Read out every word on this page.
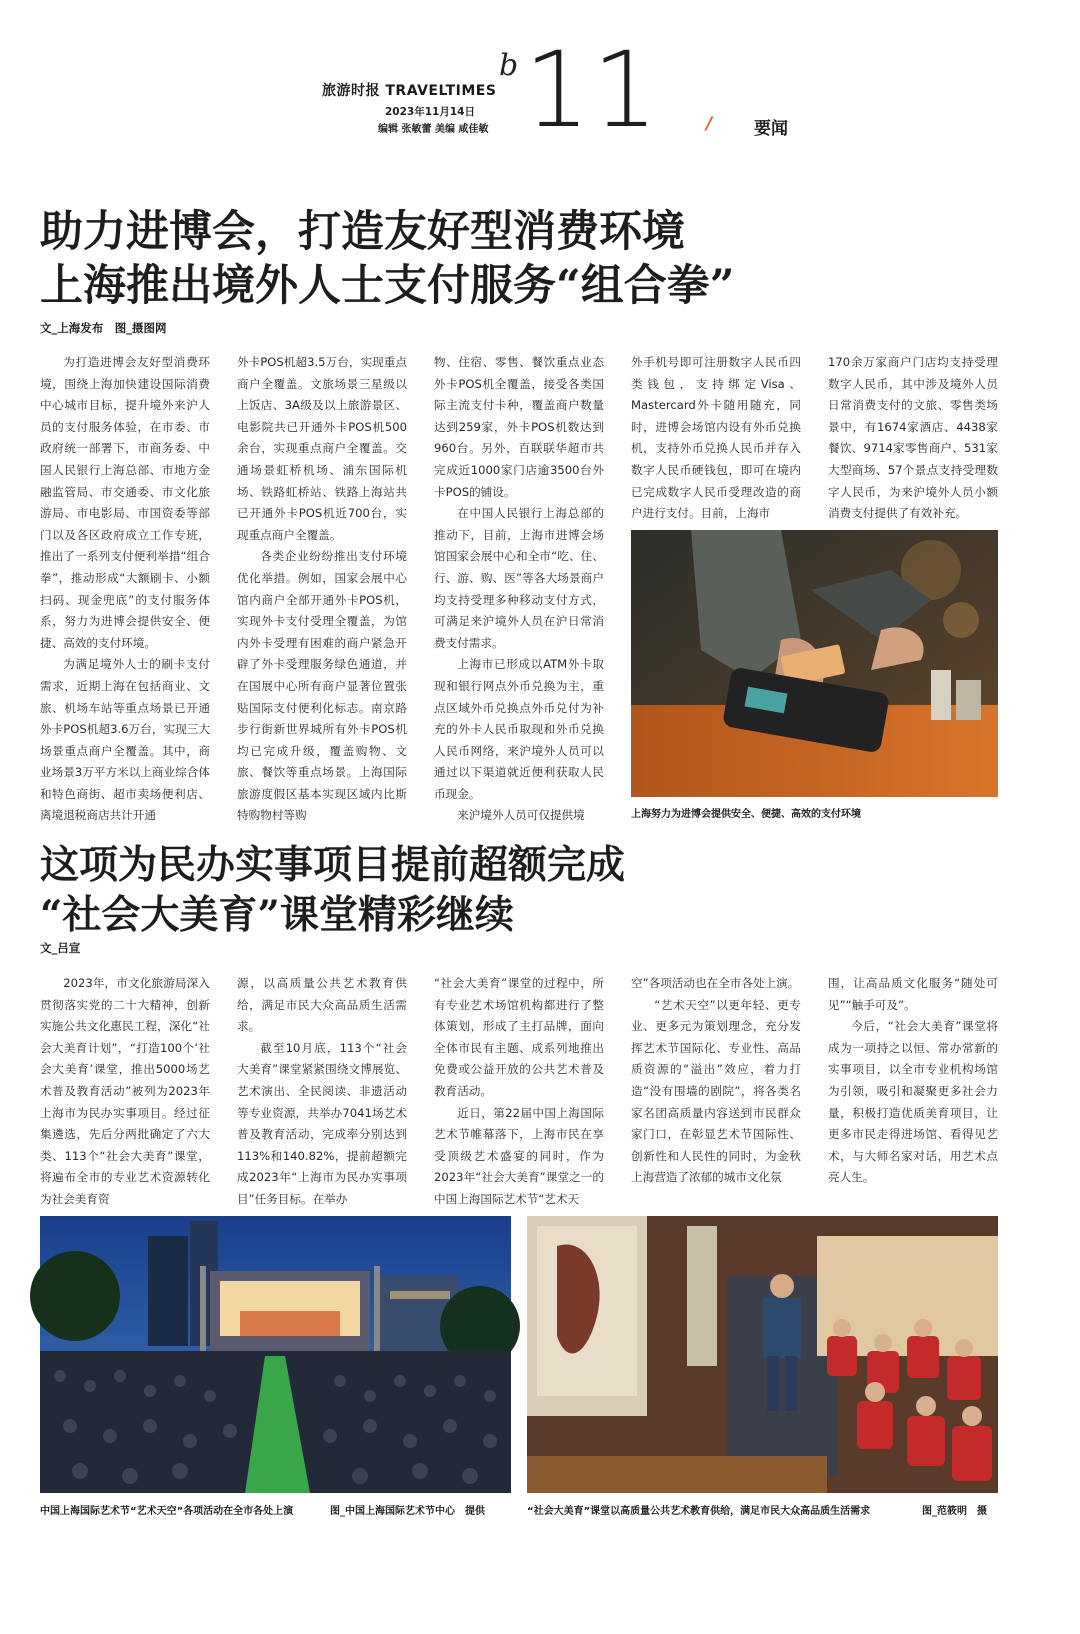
旅游时报 TRAVELTIMES
2023年11月14日
编辑 张敏蕾 美编 咸佳敏
b 11	/ 要闻
助力进博会，打造友好型消费环境
上海推出境外人士支付服务“组合拳”
文_上海发布　图_摄图网

为打造进博会友好型消费环境，围绕上海加快建设国际消费中心城市目标，提升境外来沪人员的支付服务体验，在市委、市政府统一部署下，市商务委、中国人民银行上海总部、市地方金融监管局、市交通委、市文化旅游局、市电影局、市国资委等部门以及各区政府成立工作专班，推出了一系列支付便利举措“组合拳”，推动形成“大额刷卡、小额扫码、现金兜底”的支付服务体系，努力为进博会提供安全、便捷、高效的支付环境。

为满足境外人士的刷卡支付需求，近期上海在包括商业、文旅、机场车站等重点场景已开通外卡POS机超3.6万台，实现三大场景重点商户全覆盖。其中，商业场景3万平方米以上商业综合体和特色商街、超市卖场便利店、离境退税商店共计开通

外卡POS机超3.5万台，实现重点商户全覆盖。文旅场景三星级以上饭店、3A级及以上旅游景区、电影院共已开通外卡POS机500余台，实现重点商户全覆盖。交通场景虹桥机场、浦东国际机场、铁路虹桥站、铁路上海站共已开通外卡POS机近700台，实现重点商户全覆盖。

各类企业纷纷推出支付环境优化举措。例如，国家会展中心馆内商户全部开通外卡POS机，实现外卡支付受理全覆盖，为馆内外卡受理有困难的商户紧急开辟了外卡受理服务绿色通道，并在国展中心所有商户显著位置张贴国际支付便利化标志。南京路步行街新世界城所有外卡POS机均已完成升级，覆盖购物、文旅、餐饮等重点场景。上海国际旅游度假区基本实现区域内比斯特购物村等购

物、住宿、零售、餐饮重点业态外卡POS机全覆盖，接受各类国际主流支付卡种，覆盖商户数量达到259家，外卡POS机数达到960台。另外，百联联华超市共完成近1000家门店逾3500台外卡POS的铺设。

在中国人民银行上海总部的推动下，目前，上海市进博会场馆国家会展中心和全市“吃、住、行、游、购、医”等各大场景商户均支持受理多种移动支付方式，可满足来沪境外人员在沪日常消费支付需求。

上海市已形成以ATM外卡取现和银行网点外币兑换为主，重点区域外币兑换点外币兑付为补充的外卡人民币取现和外币兑换人民币网络，来沪境外人员可以通过以下渠道就近便利获取人民币现金。

来沪境外人员可仅提供境

外手机号即可注册数字人民币四类钱包，支持绑定Visa、Mastercard外卡随用随充，同时，进博会场馆内设有外币兑换机，支持外币兑换人民币并存入数字人民币硬钱包，即可在境内已完成数字人民币受理改造的商户进行支付。目前，上海市

170余万家商户门店均支持受理数字人民币，其中涉及境外人员日常消费支付的文旅、零售类场景中，有1674家酒店、4438家餐饮、9714家零售商户、531家大型商场、57个景点支持受理数字人民币，为来沪境外人员小额消费支付提供了有效补充。

上海努力为进博会提供安全、便捷、高效的支付环境
这项为民办实事项目提前超额完成
“社会大美育”课堂精彩继续
文_吕宣

2023年，市文化旅游局深入贯彻落实党的二十大精神，创新实施公共文化惠民工程，深化“社会大美育计划”，“打造100个‘社会大美育’课堂，推出5000场艺术普及教育活动”被列为2023年上海市为民办实事项目。经过征集遴选，先后分两批确定了六大类、113个“社会大美育”课堂，将遍布全市的专业艺术资源转化为社会美育资

源，以高质量公共艺术教育供给，满足市民大众高品质生活需求。

截至10月底，113个“社会大美育”课堂紧紧围绕文博展览、艺术演出、全民阅读、非遗活动等专业资源，共举办7041场艺术普及教育活动，完成率分别达到113%和140.82%，提前超额完成2023年“上海市为民办实事项目”任务目标。在举办

“社会大美育”课堂的过程中，所有专业艺术场馆机构都进行了整体策划，形成了主打品牌，面向全体市民有主题、成系列地推出免费或公益开放的公共艺术普及教育活动。

近日，第22届中国上海国际艺术节帷幕落下，上海市民在享受顶级艺术盛宴的同时，作为2023年“社会大美育”课堂之一的中国上海国际艺术节“艺术天

空”各项活动也在全市各处上演。

“艺术天空”以更年轻、更专业、更多元为策划理念，充分发挥艺术节国际化、专业性、高品质资源的“溢出”效应，着力打造“没有围墙的剧院”，将各类名家名团高质量内容送到市民群众家门口，在彰显艺术节国际性、创新性和人民性的同时，为金秋上海营造了浓郁的城市文化氛

围，让高品质文化服务“随处可见”“触手可及”。

今后，“社会大美育”课堂将成为一项持之以恒、常办常新的实事项目，以全市专业机构场馆为引领，吸引和凝聚更多社会力量，积极打造优质美育项目，让更多市民走得进场馆、看得见艺术，与大师名家对话，用艺术点亮人生。

中国上海国际艺术节“艺术天空”各项活动在全市各处上演	图_中国上海国际艺术节中心　提供	“社会大美育”课堂以高质量公共艺术教育供给，满足市民大众高品质生活需求	图_范筱明　摄
